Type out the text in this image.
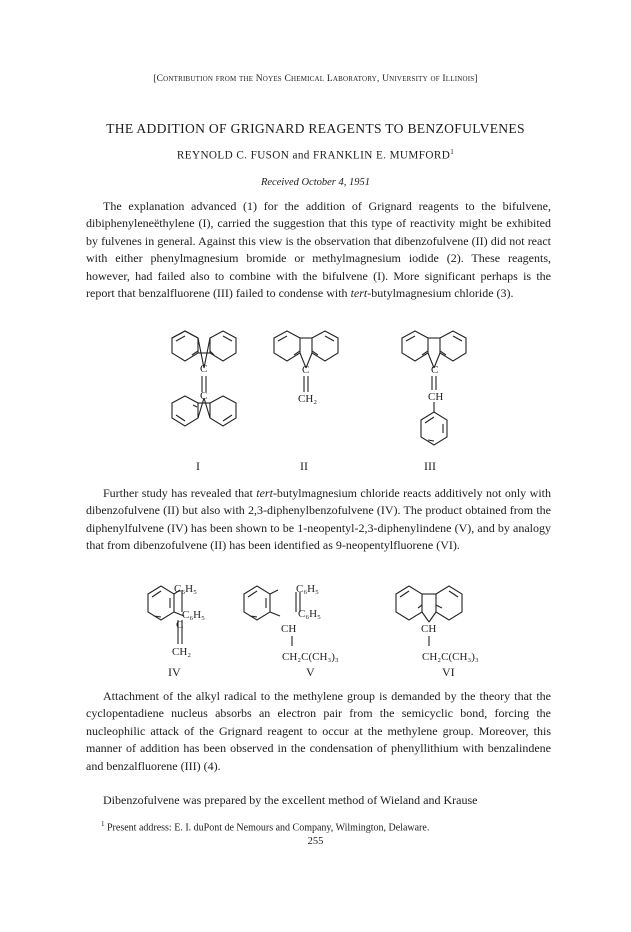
[Contribution from the Noyes Chemical Laboratory, University of Illinois]
THE ADDITION OF GRIGNARD REAGENTS TO BENZOFULVENES
REYNOLD C. FUSON and FRANKLIN E. MUMFORD$^1$
Received October 4, 1951

The explanation advanced (1) for the addition of Grignard reagents to the bifulvene, dibiphenyleneëthylene (I), carried the suggestion that this type of reactivity might be exhibited by fulvenes in general. Against this view is the observation that dibenzofulvene (II) did not react with either phenylmagnesium bromide or methylmagnesium iodide (2). These reagents, however, had failed also to combine with the bifulvene (I). More significant perhaps is the report that benzalfluorene (III) failed to condense with tert-butylmagnesium chloride (3).

C
C
C
CH₂
C
CH
I	II	III
C₆H₅
C₆H₅
C
CH₂
C₆H₅
C₆H₅
CH
CH₂C(CH₃)₃
CH
CH₂C(CH₃)₃
IV	V	VI

Further study has revealed that tert-butylmagnesium chloride reacts additively not only with dibenzofulvene (II) but also with 2,3-diphenylbenzofulvene (IV). The product obtained from the diphenylfulvene (IV) has been shown to be 1-neopentyl-2,3-diphenylindene (V), and by analogy that from dibenzofulvene (II) has been identified as 9-neopentylfluorene (VI).

Attachment of the alkyl radical to the methylene group is demanded by the theory that the cyclopentadiene nucleus absorbs an electron pair from the semicyclic bond, forcing the nucleophilic attack of the Grignard reagent to occur at the methylene group. Moreover, this manner of addition has been observed in the condensation of phenyllithium with benzalindene and benzalfluorene (III) (4).

Dibenzofulvene was prepared by the excellent method of Wieland and Krause

$^1$ Present address: E. I. duPont de Nemours and Company, Wilmington, Delaware.
255
